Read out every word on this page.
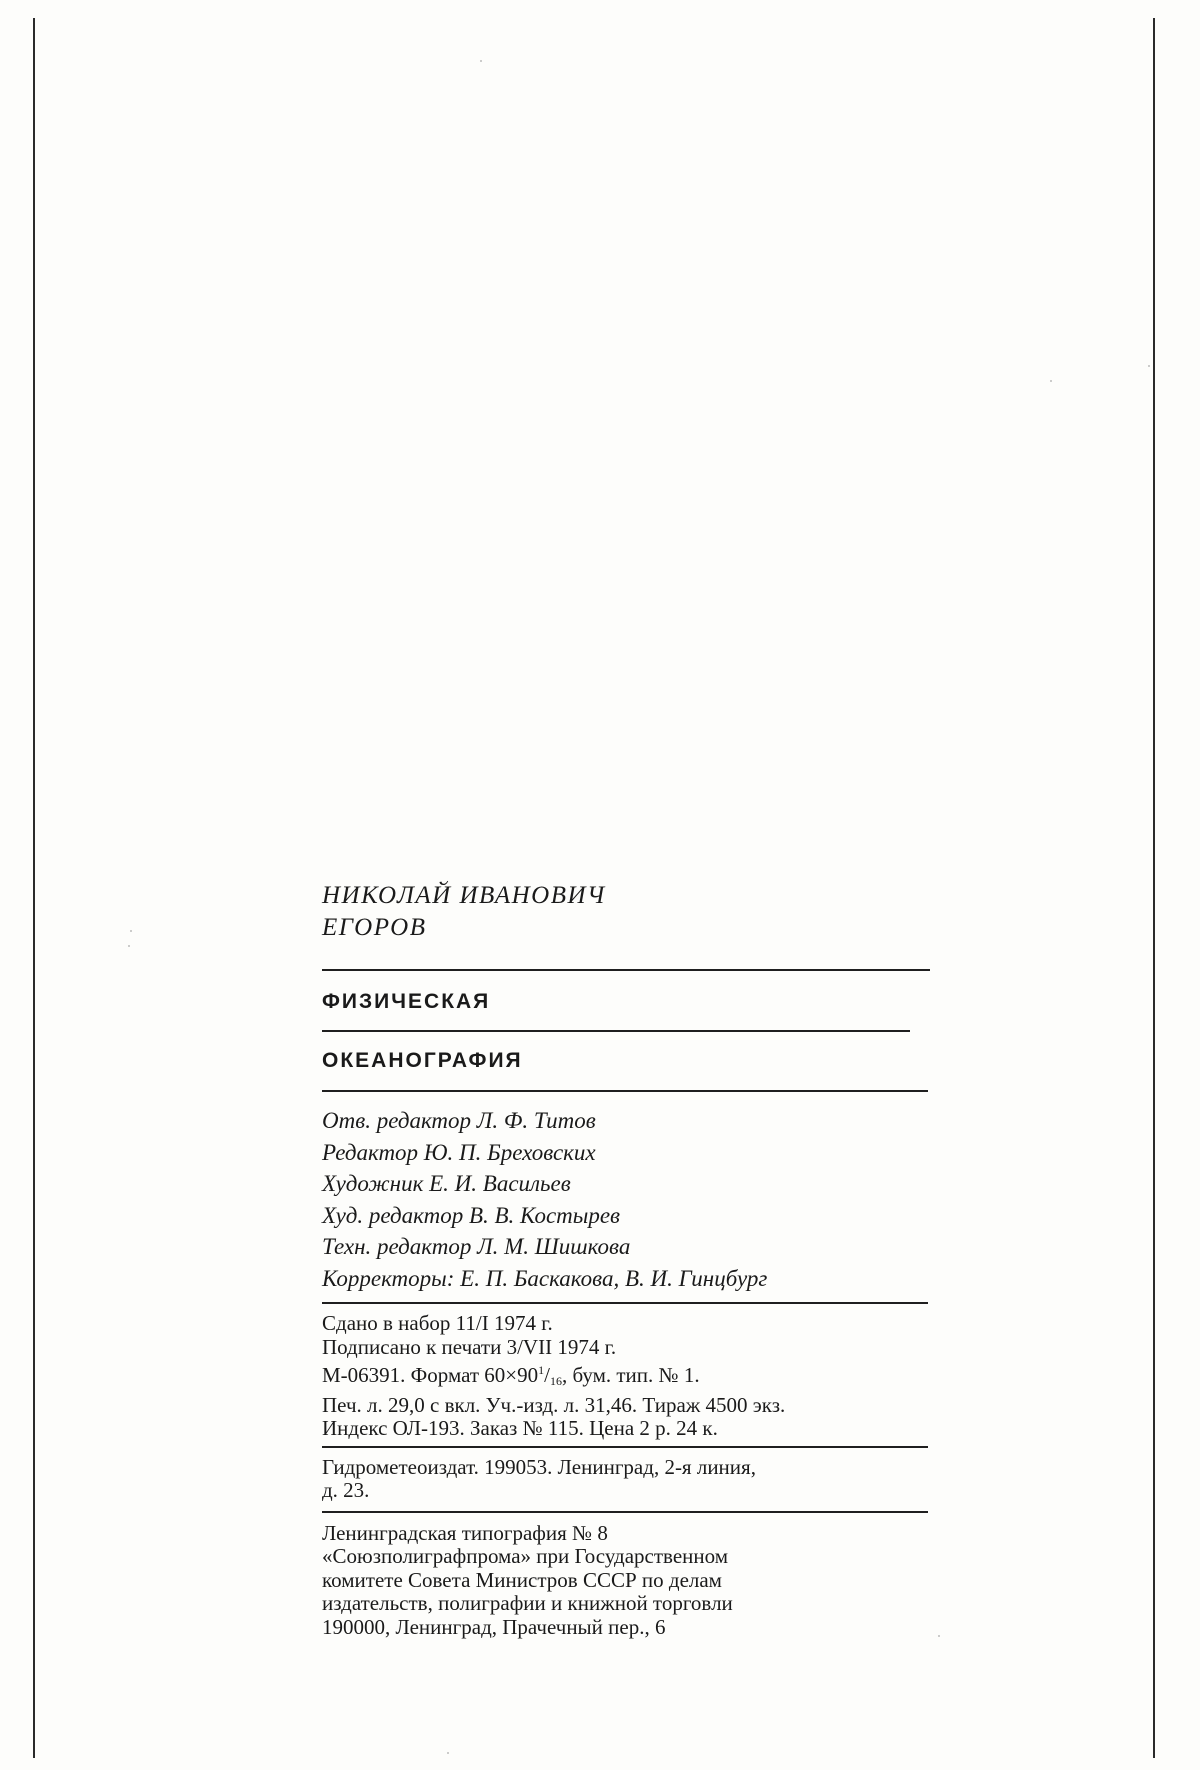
НИКОЛАЙ ИВАНОВИЧ
ЕГОРОВ
ФИЗИЧЕСКАЯ
ОКЕАНОГРАФИЯ
Отв. редактор Л. Ф. Титов
Редактор Ю. П. Бреховских
Художник Е. И. Васильев
Худ. редактор В. В. Костырев
Техн. редактор Л. М. Шишкова
Корректоры: Е. П. Баскакова, В. И. Гинцбург
Сдано в набор 11/I 1974 г.
Подписано к печати 3/VII 1974 г.
М-06391. Формат $60\times 90^1/_{16}$, бум. тип. № 1.
Печ. л. 29,0 с вкл. Уч.-изд. л. 31,46. Тираж 4500 экз.
Индекс ОЛ-193. Заказ № 115. Цена 2 р. 24 к.
Гидрометеоиздат. 199053. Ленинград, 2-я линия,
д. 23.
Ленинградская типография № 8
«Союзполиграфпрома» при Государственном
комитете Совета Министров СССР по делам
издательств, полиграфии и книжной торговли
190000, Ленинград, Прачечный пер., 6
